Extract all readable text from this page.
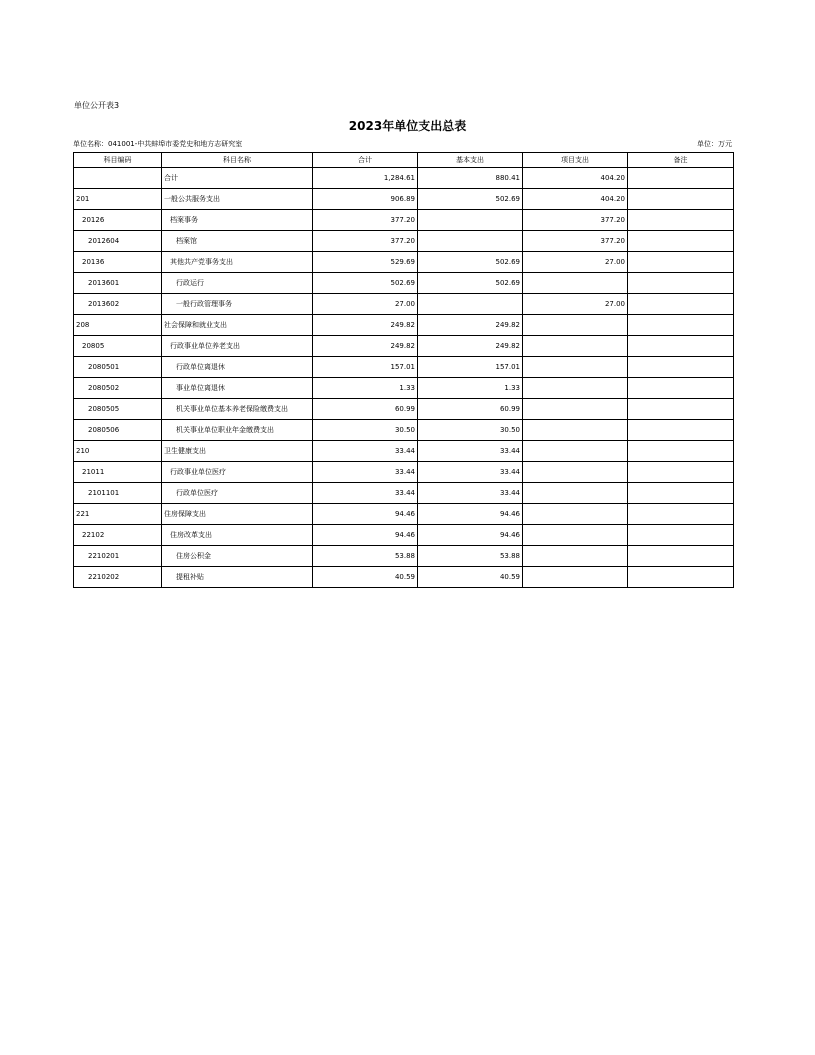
单位公开表3
2023年单位支出总表
单位名称：041001-中共蚌埠市委党史和地方志研究室	单位：万元
科目编码	科目名称	合计	基本支出	项目支出	备注
	合计	1,284.61	880.41	404.20	
201	一般公共服务支出	906.89	502.69	404.20	
20126	档案事务	377.20		377.20	
2012604	档案馆	377.20		377.20	
20136	其他共产党事务支出	529.69	502.69	27.00	
2013601	行政运行	502.69	502.69		
2013602	一般行政管理事务	27.00		27.00	
208	社会保障和就业支出	249.82	249.82		
20805	行政事业单位养老支出	249.82	249.82		
2080501	行政单位离退休	157.01	157.01		
2080502	事业单位离退休	1.33	1.33		
2080505	机关事业单位基本养老保险缴费支出	60.99	60.99		
2080506	机关事业单位职业年金缴费支出	30.50	30.50		
210	卫生健康支出	33.44	33.44		
21011	行政事业单位医疗	33.44	33.44		
2101101	行政单位医疗	33.44	33.44		
221	住房保障支出	94.46	94.46		
22102	住房改革支出	94.46	94.46		
2210201	住房公积金	53.88	53.88		
2210202	提租补贴	40.59	40.59		
